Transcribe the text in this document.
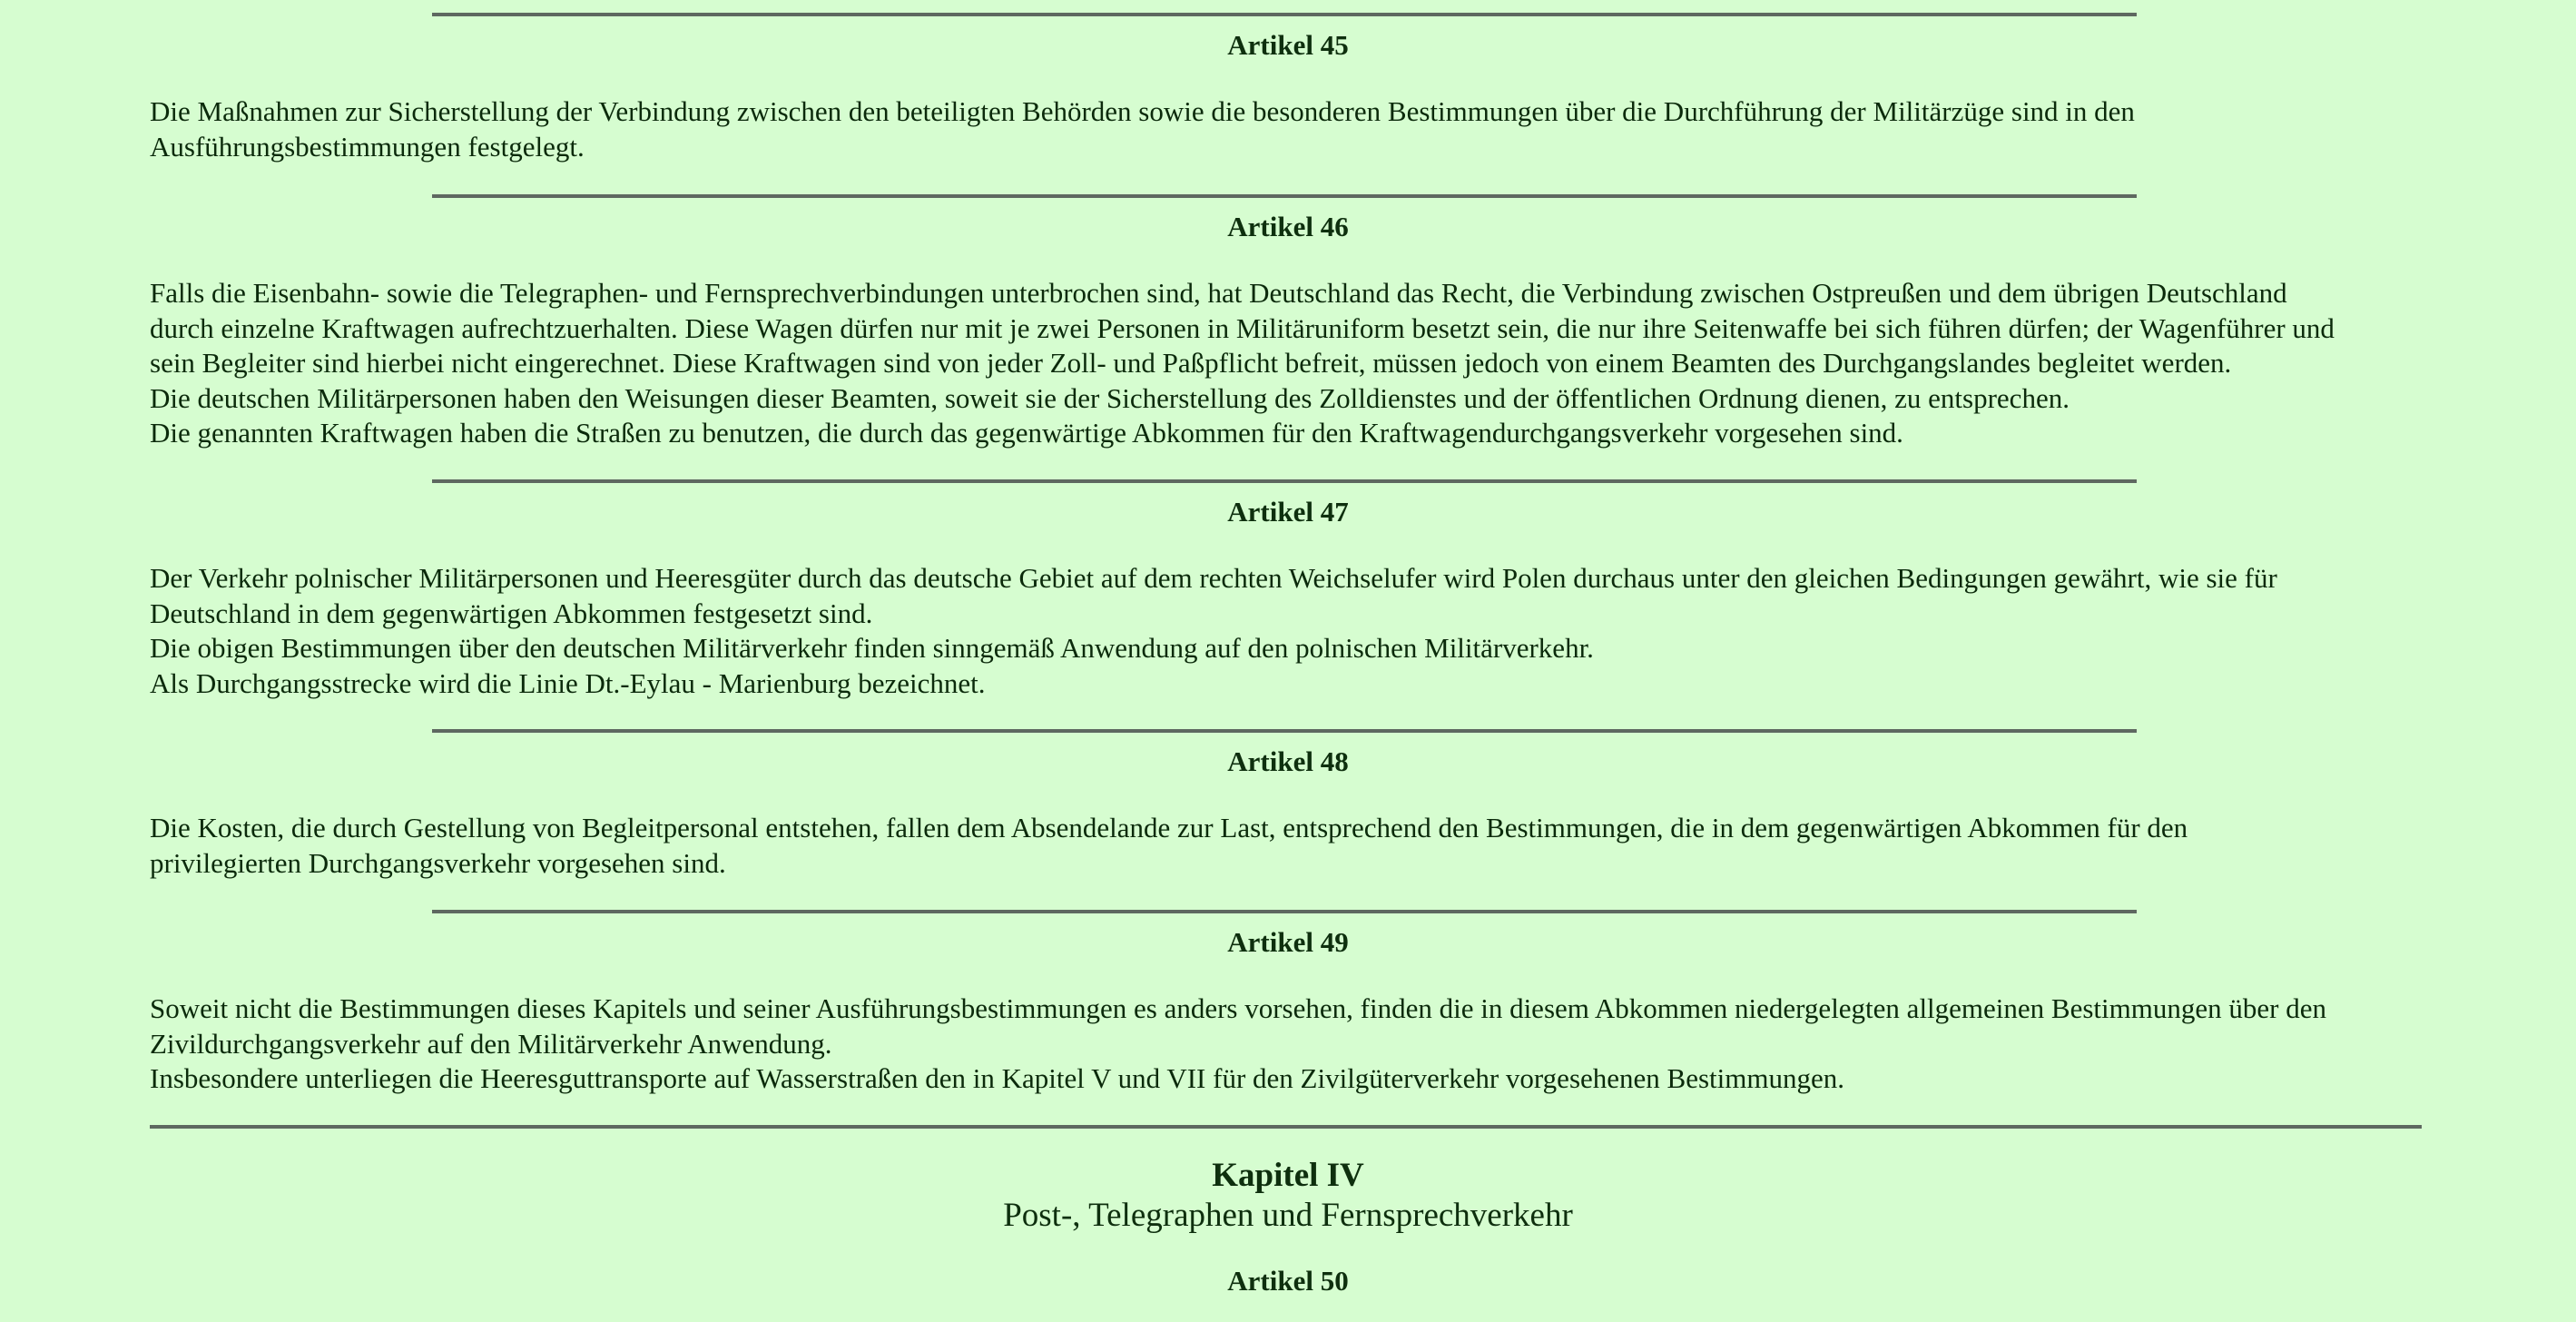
Artikel 45
Die Maßnahmen zur Sicherstellung der Verbindung zwischen den beteiligten Behörden sowie die besonderen Bestimmungen über die Durchführung der Militärzüge sind in den
Ausführungsbestimmungen festgelegt.
Artikel 46
Falls die Eisenbahn- sowie die Telegraphen- und Fernsprechverbindungen unterbrochen sind, hat Deutschland das Recht, die Verbindung zwischen Ostpreußen und dem übrigen Deutschland
durch einzelne Kraftwagen aufrechtzuerhalten. Diese Wagen dürfen nur mit je zwei Personen in Militäruniform besetzt sein, die nur ihre Seitenwaffe bei sich führen dürfen; der Wagenführer und
sein Begleiter sind hierbei nicht eingerechnet. Diese Kraftwagen sind von jeder Zoll- und Paßpflicht befreit, müssen jedoch von einem Beamten des Durchgangslandes begleitet werden.
Die deutschen Militärpersonen haben den Weisungen dieser Beamten, soweit sie der Sicherstellung des Zolldienstes und der öffentlichen Ordnung dienen, zu entsprechen.
Die genannten Kraftwagen haben die Straßen zu benutzen, die durch das gegenwärtige Abkommen für den Kraftwagendurchgangsverkehr vorgesehen sind.
Artikel 47
Der Verkehr polnischer Militärpersonen und Heeresgüter durch das deutsche Gebiet auf dem rechten Weichselufer wird Polen durchaus unter den gleichen Bedingungen gewährt, wie sie für
Deutschland in dem gegenwärtigen Abkommen festgesetzt sind.
Die obigen Bestimmungen über den deutschen Militärverkehr finden sinngemäß Anwendung auf den polnischen Militärverkehr.
Als Durchgangsstrecke wird die Linie Dt.-Eylau - Marienburg bezeichnet.
Artikel 48
Die Kosten, die durch Gestellung von Begleitpersonal entstehen, fallen dem Absendelande zur Last, entsprechend den Bestimmungen, die in dem gegenwärtigen Abkommen für den
privilegierten Durchgangsverkehr vorgesehen sind.
Artikel 49
Soweit nicht die Bestimmungen dieses Kapitels und seiner Ausführungsbestimmungen es anders vorsehen, finden die in diesem Abkommen niedergelegten allgemeinen Bestimmungen über den
Zivildurchgangsverkehr auf den Militärverkehr Anwendung.
Insbesondere unterliegen die Heeresguttransporte auf Wasserstraßen den in Kapitel V und VII für den Zivilgüterverkehr vorgesehenen Bestimmungen.
Kapitel IV
Post-, Telegraphen und Fernsprechverkehr
Artikel 50
